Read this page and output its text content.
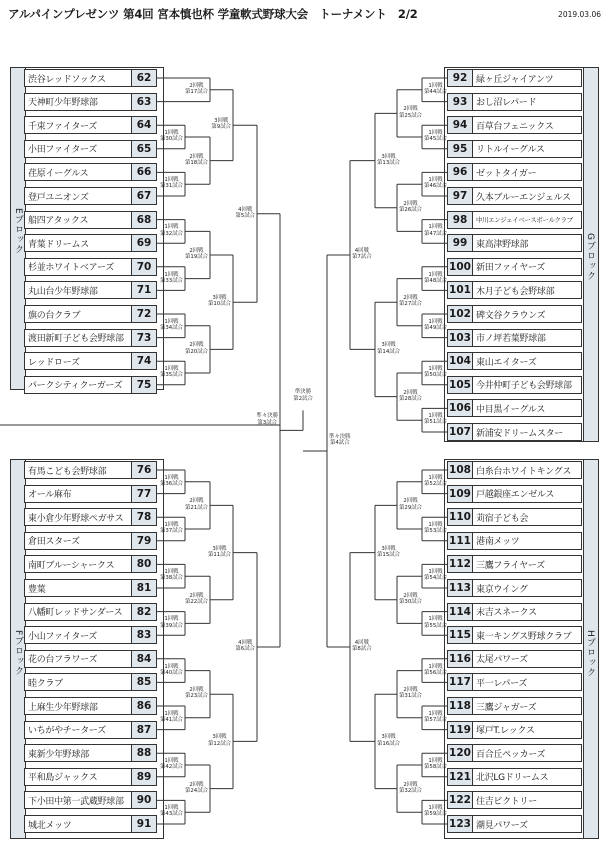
アルパインプレゼンツ 第4回 宮本慎也杯 学童軟式野球大会　トーナメント　2/2	2019.03.06
Eブロック
Fブロック
Gブロック
Hブロック
渋谷レッドソックス	62
天神町少年野球部	63
千束ファイターズ	64
小田ファイターズ	65
荏原イーグルス	66
登戸ユニオンズ	67
船四アタックス	68
青葉ドリームス	69
杉並ホワイトベアーズ	70
丸山台少年野球部	71
旗の台クラブ	72
渡田新町子ども会野球部	73
レッドローズ	74
パークシティクーガーズ	75
有馬こども会野球部	76
オール麻布	77
東小倉少年野球ペガサス	78
倉田スターズ	79
南町ブルーシャークス	80
豊葉	81
八幡町レッドサンダース	82
小山ファイターズ	83
花の台フラワーズ	84
睦クラブ	85
上麻生少年野球部	86
いちがやチーターズ	87
東新少年野球部	88
平和島ジャックス	89
下小田中第一武蔵野球部	90
城北メッツ	91
92 緑ヶ丘ジャイアンツ
93 おし沼レパード
94 百草台フェニックス
95 リトルイーグルス
96 ゼットタイガー
97 久本ブルーエンジェルス
98	中川エンジェイベースボールクラブ
99 東高津野球部
100 新田ファイヤーズ
101 木月子ども会野球部
102 碑文谷クラウンズ
103 市ノ坪若葉野球部
104 東山エイターズ
105 今井仲町子ども会野球部
106 中目黒イーグルス
107 新浦安ドリームスター
108 白糸台ホワイトキングス
109 戸越銀座エンゼルス
110 苅宿子ども会
111 港南メッツ
112 三鷹フライヤーズ
113 東京ウイング
114 末吉スネークス
115 東一キングス野球クラブ
116 太尾パワーズ
117 平一レパーズ
118 三鷹ジャガーズ
119 塚戸T.レックス
120 百合丘ペッカーズ
121 北沢LGドリームス
122 住吉ビクトリー
123 潮見パワーズ
1回戦
第30試合
1回戦
第31試合
1回戦
第32試合
1回戦
第33試合
1回戦
第34試合
1回戦
第35試合
2回戦
第17試合
2回戦
第18試合
2回戦
第19試合
2回戦
第20試合
3回戦
第9試合
3回戦
第10試合
4回戦
第5試合
1回戦
第36試合
1回戦
第37試合
1回戦
第38試合
1回戦
第39試合
1回戦
第40試合
1回戦
第41試合
1回戦
第42試合
1回戦
第43試合
2回戦
第21試合
2回戦
第22試合
2回戦
第23試合
2回戦
第24試合
3回戦
第11試合
3回戦
第12試合
4回戦
第6試合
1回戦
第44試合
1回戦
第45試合
1回戦
第46試合
1回戦
第47試合
1回戦
第48試合
1回戦
第49試合
1回戦
第50試合
1回戦
第51試合
2回戦
第25試合
2回戦
第26試合
2回戦
第27試合
2回戦
第28試合
3回戦
第13試合
3回戦
第14試合
4回戦
第7試合
1回戦
第52試合
1回戦
第53試合
1回戦
第54試合
1回戦
第55試合
1回戦
第56試合
1回戦
第57試合
1回戦
第58試合
1回戦
第59試合
2回戦
第29試合
2回戦
第30試合
2回戦
第31試合
2回戦
第32試合
3回戦
第15試合
3回戦
第16試合
4回戦
第8試合
準々決勝
第3試合
準々決勝
第4試合
準決勝
第2試合
